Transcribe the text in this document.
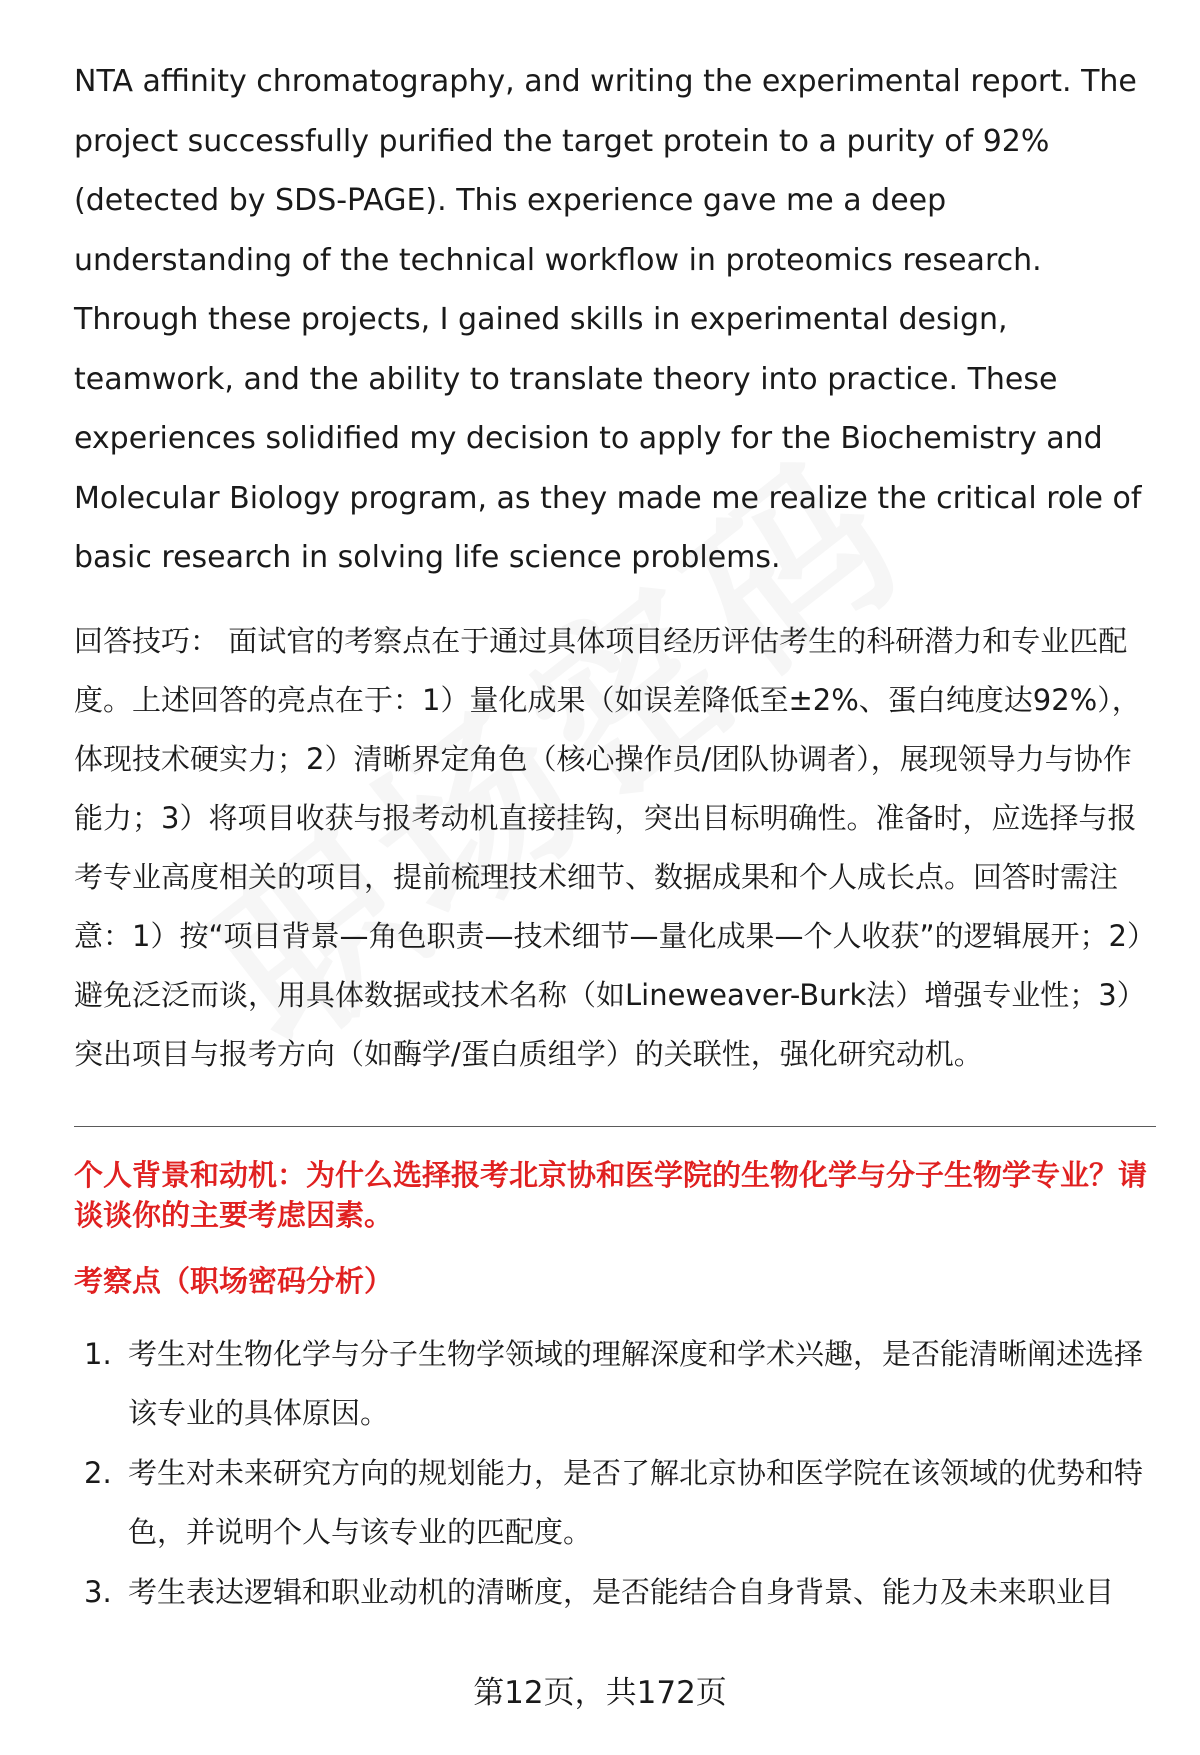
NTA affinity chromatography, and writing the experimental report. The project successfully purified the target protein to a purity of 92% (detected by SDS-PAGE). This experience gave me a deep understanding of the technical workflow in proteomics research. Through these projects, I gained skills in experimental design, teamwork, and the ability to translate theory into practice. These experiences solidified my decision to apply for the Biochemistry and Molecular Biology program, as they made me realize the critical role of basic research in solving life science problems.

回答技巧： 面试官的考察点在于通过具体项目经历评估考生的科研潜力和专业匹配度。上述回答的亮点在于：1）量化成果（如误差降低至±2%、蛋白纯度达92%），体现技术硬实力；2）清晰界定角色（核心操作员/团队协调者），展现领导力与协作能力；3）将项目收获与报考动机直接挂钩，突出目标明确性。准备时，应选择与报考专业高度相关的项目，提前梳理技术细节、数据成果和个人成长点。回答时需注意：1）按“项目背景—角色职责—技术细节—量化成果—个人收获”的逻辑展开；2）避免泛泛而谈，用具体数据或技术名称（如Lineweaver-Burk法）增强专业性；3）突出项目与报考方向（如酶学/蛋白质组学）的关联性，强化研究动机。

个人背景和动机：为什么选择报考北京协和医学院的生物化学与分子生物学专业？请谈谈你的主要考虑因素。
考察点（职场密码分析）
1. 考生对生物化学与分子生物学领域的理解深度和学术兴趣，是否能清晰阐述选择该专业的具体原因。
2. 考生对未来研究方向的规划能力，是否了解北京协和医学院在该领域的优势和特色，并说明个人与该专业的匹配度。
3. 考生表达逻辑和职业动机的清晰度，是否能结合自身背景、能力及未来职业目
第12页，共172页
